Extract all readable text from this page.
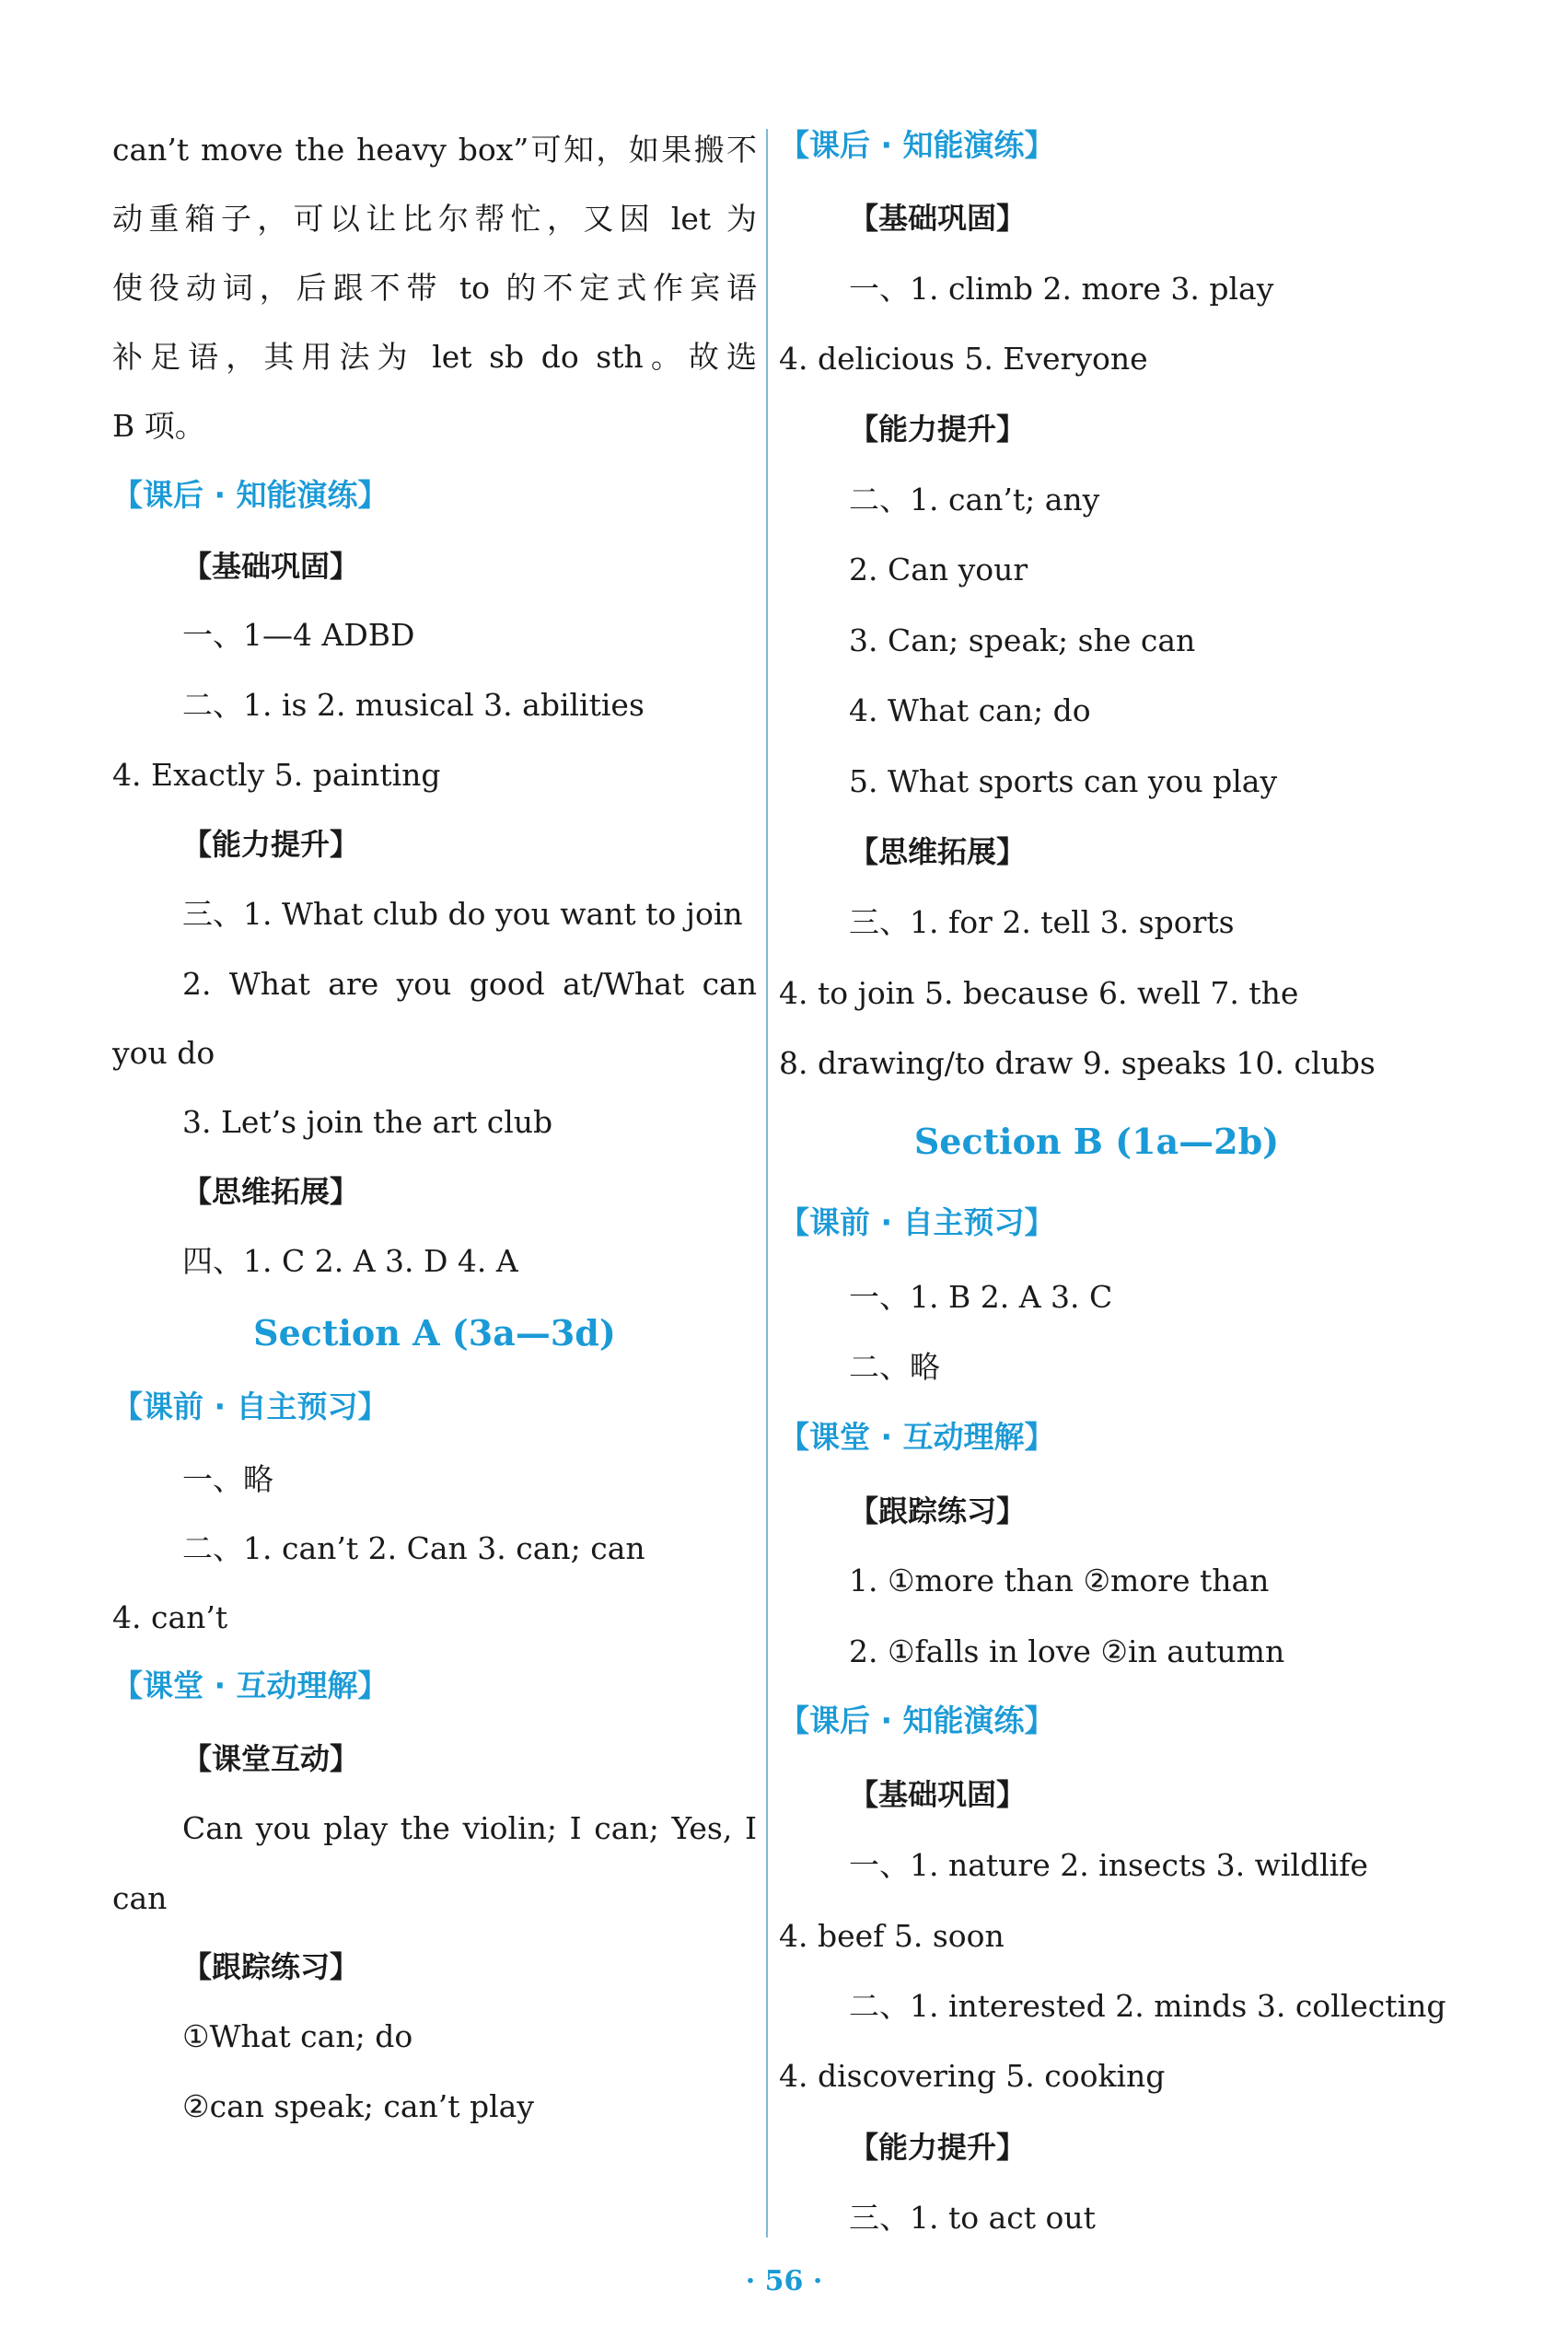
can’t move the heavy box”可知，如果搬不
动重箱子，可以让比尔帮忙，又因 let 为
使役动词，后跟不带 to 的不定式作宾语
补足语，其用法为 let sb do sth。故选
B 项。
【课后 · 知能演练】
【基础巩固】
一、1—4 ADBD
二、1. is 2. musical 3. abilities
4. Exactly 5. painting
【能力提升】
三、1. What club do you want to join
2. What are you good at/What can
you do
3. Let’s join the art club
【思维拓展】
四、1. C 2. A 3. D 4. A
Section A (3a—3d)
【课前 · 自主预习】
一、略
二、1. can’t 2. Can 3. can; can
4. can’t
【课堂 · 互动理解】
【课堂互动】
Can you play the violin; I can; Yes, I
can
【跟踪练习】
①What can; do
②can speak; can’t play
【课后 · 知能演练】
【基础巩固】
一、1. climb 2. more 3. play
4. delicious 5. Everyone
【能力提升】
二、1. can’t; any
2. Can your
3. Can; speak; she can
4. What can; do
5. What sports can you play
【思维拓展】
三、1. for 2. tell 3. sports
4. to join 5. because 6. well 7. the
8. drawing/to draw 9. speaks 10. clubs
Section B (1a—2b)
【课前 · 自主预习】
一、1. B 2. A 3. C
二、略
【课堂 · 互动理解】
【跟踪练习】
1. ①more than ②more than
2. ①falls in love ②in autumn
【课后 · 知能演练】
【基础巩固】
一、1. nature 2. insects 3. wildlife
4. beef 5. soon
二、1. interested 2. minds 3. collecting
4. discovering 5. cooking
【能力提升】
三、1. to act out
· 56 ·
